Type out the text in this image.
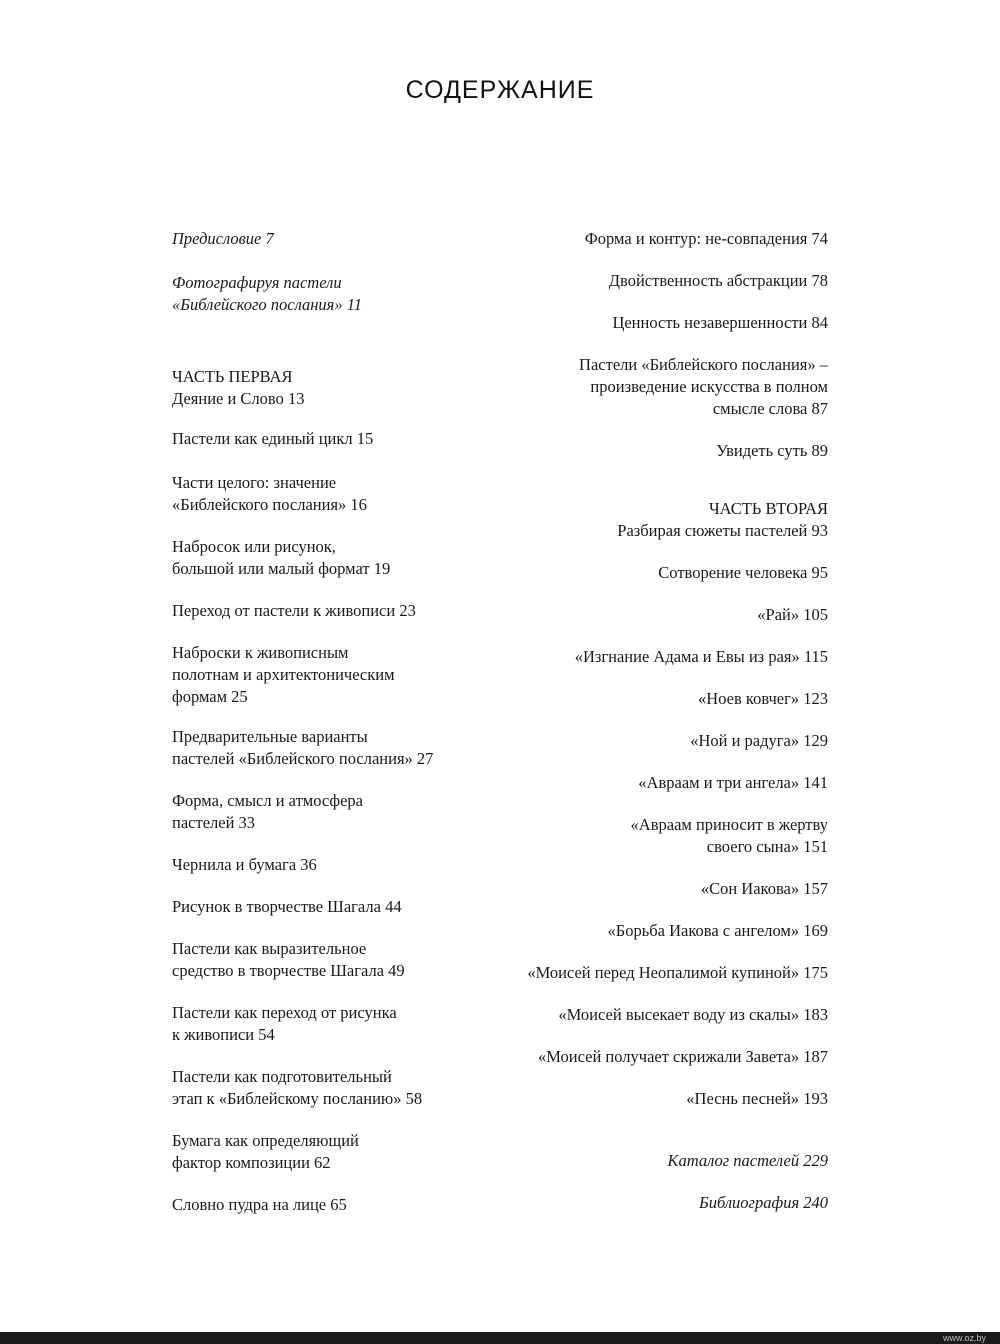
СОДЕРЖАНИЕ
Предисловие 7
Фотографируя пастели
«Библейского послания» 11
ЧАСТЬ ПЕРВАЯ
Деяние и Слово 13
Пастели как единый цикл 15
Части целого: значение
«Библейского послания» 16
Набросок или рисунок,
большой или малый формат 19
Переход от пастели к живописи 23
Наброски к живописным
полотнам и архитектоническим
формам 25
Предварительные варианты
пастелей «Библейского послания» 27
Форма, смысл и атмосфера
пастелей 33
Чернила и бумага 36
Рисунок в творчестве Шагала 44
Пастели как выразительное
средство в творчестве Шагала 49
Пастели как переход от рисунка
к живописи 54
Пастели как подготовительный
этап к «Библейскому посланию» 58
Бумага как определяющий
фактор композиции 62
Словно пудра на лице 65
Форма и контур: не-совпадения 74
Двойственность абстракции 78
Ценность незавершенности 84
Пастели «Библейского послания» –
произведение искусства в полном
смысле слова 87
Увидеть суть 89
ЧАСТЬ ВТОРАЯ
Разбирая сюжеты пастелей 93
Сотворение человека 95
«Рай» 105
«Изгнание Адама и Евы из рая» 115
«Ноев ковчег» 123
«Ной и радуга» 129
«Авраам и три ангела» 141
«Авраам приносит в жертву
своего сына» 151
«Сон Иакова» 157
«Борьба Иакова с ангелом» 169
«Моисей перед Неопалимой купиной» 175
«Моисей высекает воду из скалы» 183
«Моисей получает скрижали Завета» 187
«Песнь песней» 193
Каталог пастелей 229
Библиография 240
www.oz.by
